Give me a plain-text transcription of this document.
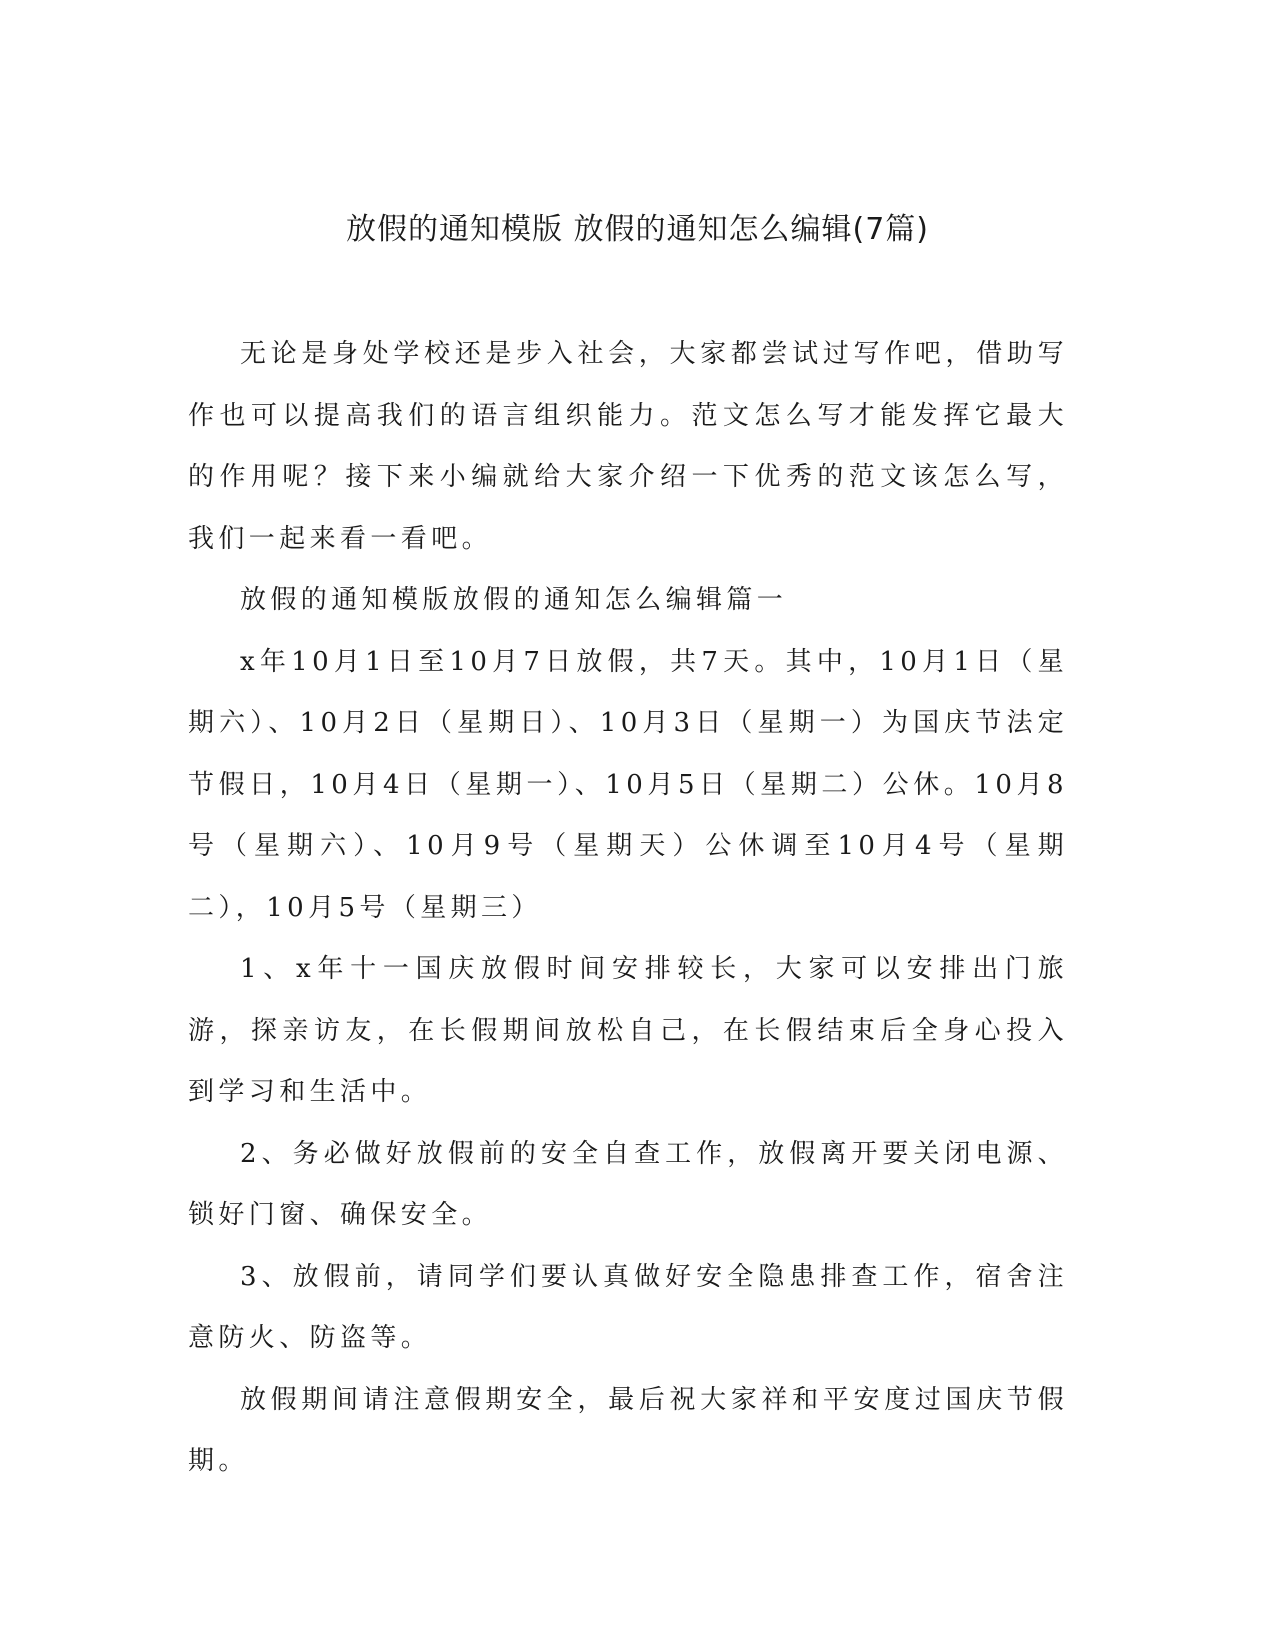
放假的通知模版 放假的通知怎么编辑(7篇)

无论是身处学校还是步入社会，大家都尝试过写作吧，借助写作也可以提高我们的语言组织能力。范文怎么写才能发挥它最大的作用呢？接下来小编就给大家介绍一下优秀的范文该怎么写，我们一起来看一看吧。

放假的通知模版放假的通知怎么编辑篇一

x年10月1日至10月7日放假，共7天。其中，10月1日（星期六）、10月2日（星期日）、10月3日（星期一）为国庆节法定节假日，10月4日（星期一）、10月5日（星期二）公休。10月8号（星期六）、10月9号（星期天）公休调至10月4号（星期二），10月5号（星期三）

1、x年十一国庆放假时间安排较长，大家可以安排出门旅游，探亲访友，在长假期间放松自己，在长假结束后全身心投入到学习和生活中。

2、务必做好放假前的安全自查工作，放假离开要关闭电源、锁好门窗、确保安全。

3、放假前，请同学们要认真做好安全隐患排查工作，宿舍注意防火、防盗等。

放假期间请注意假期安全，最后祝大家祥和平安度过国庆节假期。
